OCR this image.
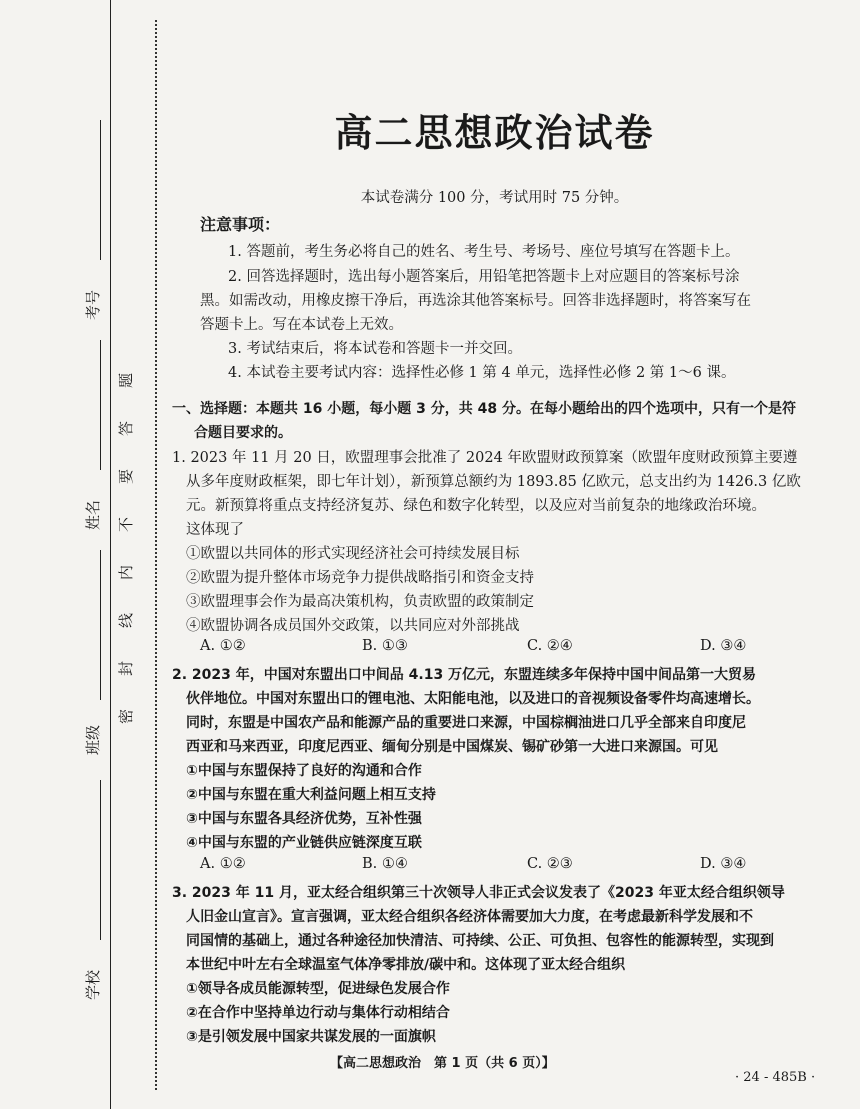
考号
姓名
班级
学校
题
答
要
不
内
线
封
密
高二思想政治试卷
本试卷满分 100 分，考试用时 75 分钟。
注意事项：
1. 答题前，考生务必将自己的姓名、考生号、考场号、座位号填写在答题卡上。
2. 回答选择题时，选出每小题答案后，用铅笔把答题卡上对应题目的答案标号涂
黑。如需改动，用橡皮擦干净后，再选涂其他答案标号。回答非选择题时，将答案写在
答题卡上。写在本试卷上无效。
3. 考试结束后，将本试卷和答题卡一并交回。
4. 本试卷主要考试内容：选择性必修 1 第 4 单元，选择性必修 2 第 1～6 课。
一、选择题：本题共 16 小题，每小题 3 分，共 48 分。在每小题给出的四个选项中，只有一个是符
合题目要求的。
1. 2023 年 11 月 20 日，欧盟理事会批准了 2024 年欧盟财政预算案（欧盟年度财政预算主要遵
从多年度财政框架，即七年计划），新预算总额约为 1893.85 亿欧元，总支出约为 1426.3 亿欧
元。新预算将重点支持经济复苏、绿色和数字化转型，以及应对当前复杂的地缘政治环境。
这体现了
①欧盟以共同体的形式实现经济社会可持续发展目标
②欧盟为提升整体市场竞争力提供战略指引和资金支持
③欧盟理事会作为最高决策机构，负责欧盟的政策制定
④欧盟协调各成员国外交政策，以共同应对外部挑战
A. ①②	B. ①③	C. ②④	D. ③④
2. 2023 年，中国对东盟出口中间品 4.13 万亿元，东盟连续多年保持中国中间品第一大贸易
伙伴地位。中国对东盟出口的锂电池、太阳能电池，以及进口的音视频设备零件均高速增长。
同时，东盟是中国农产品和能源产品的重要进口来源，中国棕榈油进口几乎全部来自印度尼
西亚和马来西亚，印度尼西亚、缅甸分别是中国煤炭、锡矿砂第一大进口来源国。可见
①中国与东盟保持了良好的沟通和合作
②中国与东盟在重大利益问题上相互支持
③中国与东盟各具经济优势，互补性强
④中国与东盟的产业链供应链深度互联
A. ①②	B. ①④	C. ②③	D. ③④
3. 2023 年 11 月，亚太经合组织第三十次领导人非正式会议发表了《2023 年亚太经合组织领导
人旧金山宣言》。宣言强调，亚太经合组织各经济体需要加大力度，在考虑最新科学发展和不
同国情的基础上，通过各种途径加快清洁、可持续、公正、可负担、包容性的能源转型，实现到
本世纪中叶左右全球温室气体净零排放/碳中和。这体现了亚太经合组织
①领导各成员能源转型，促进绿色发展合作
②在合作中坚持单边行动与集体行动相结合
③是引领发展中国家共谋发展的一面旗帜
【高二思想政治　第 1 页（共 6 页）】
· 24 - 485B ·
